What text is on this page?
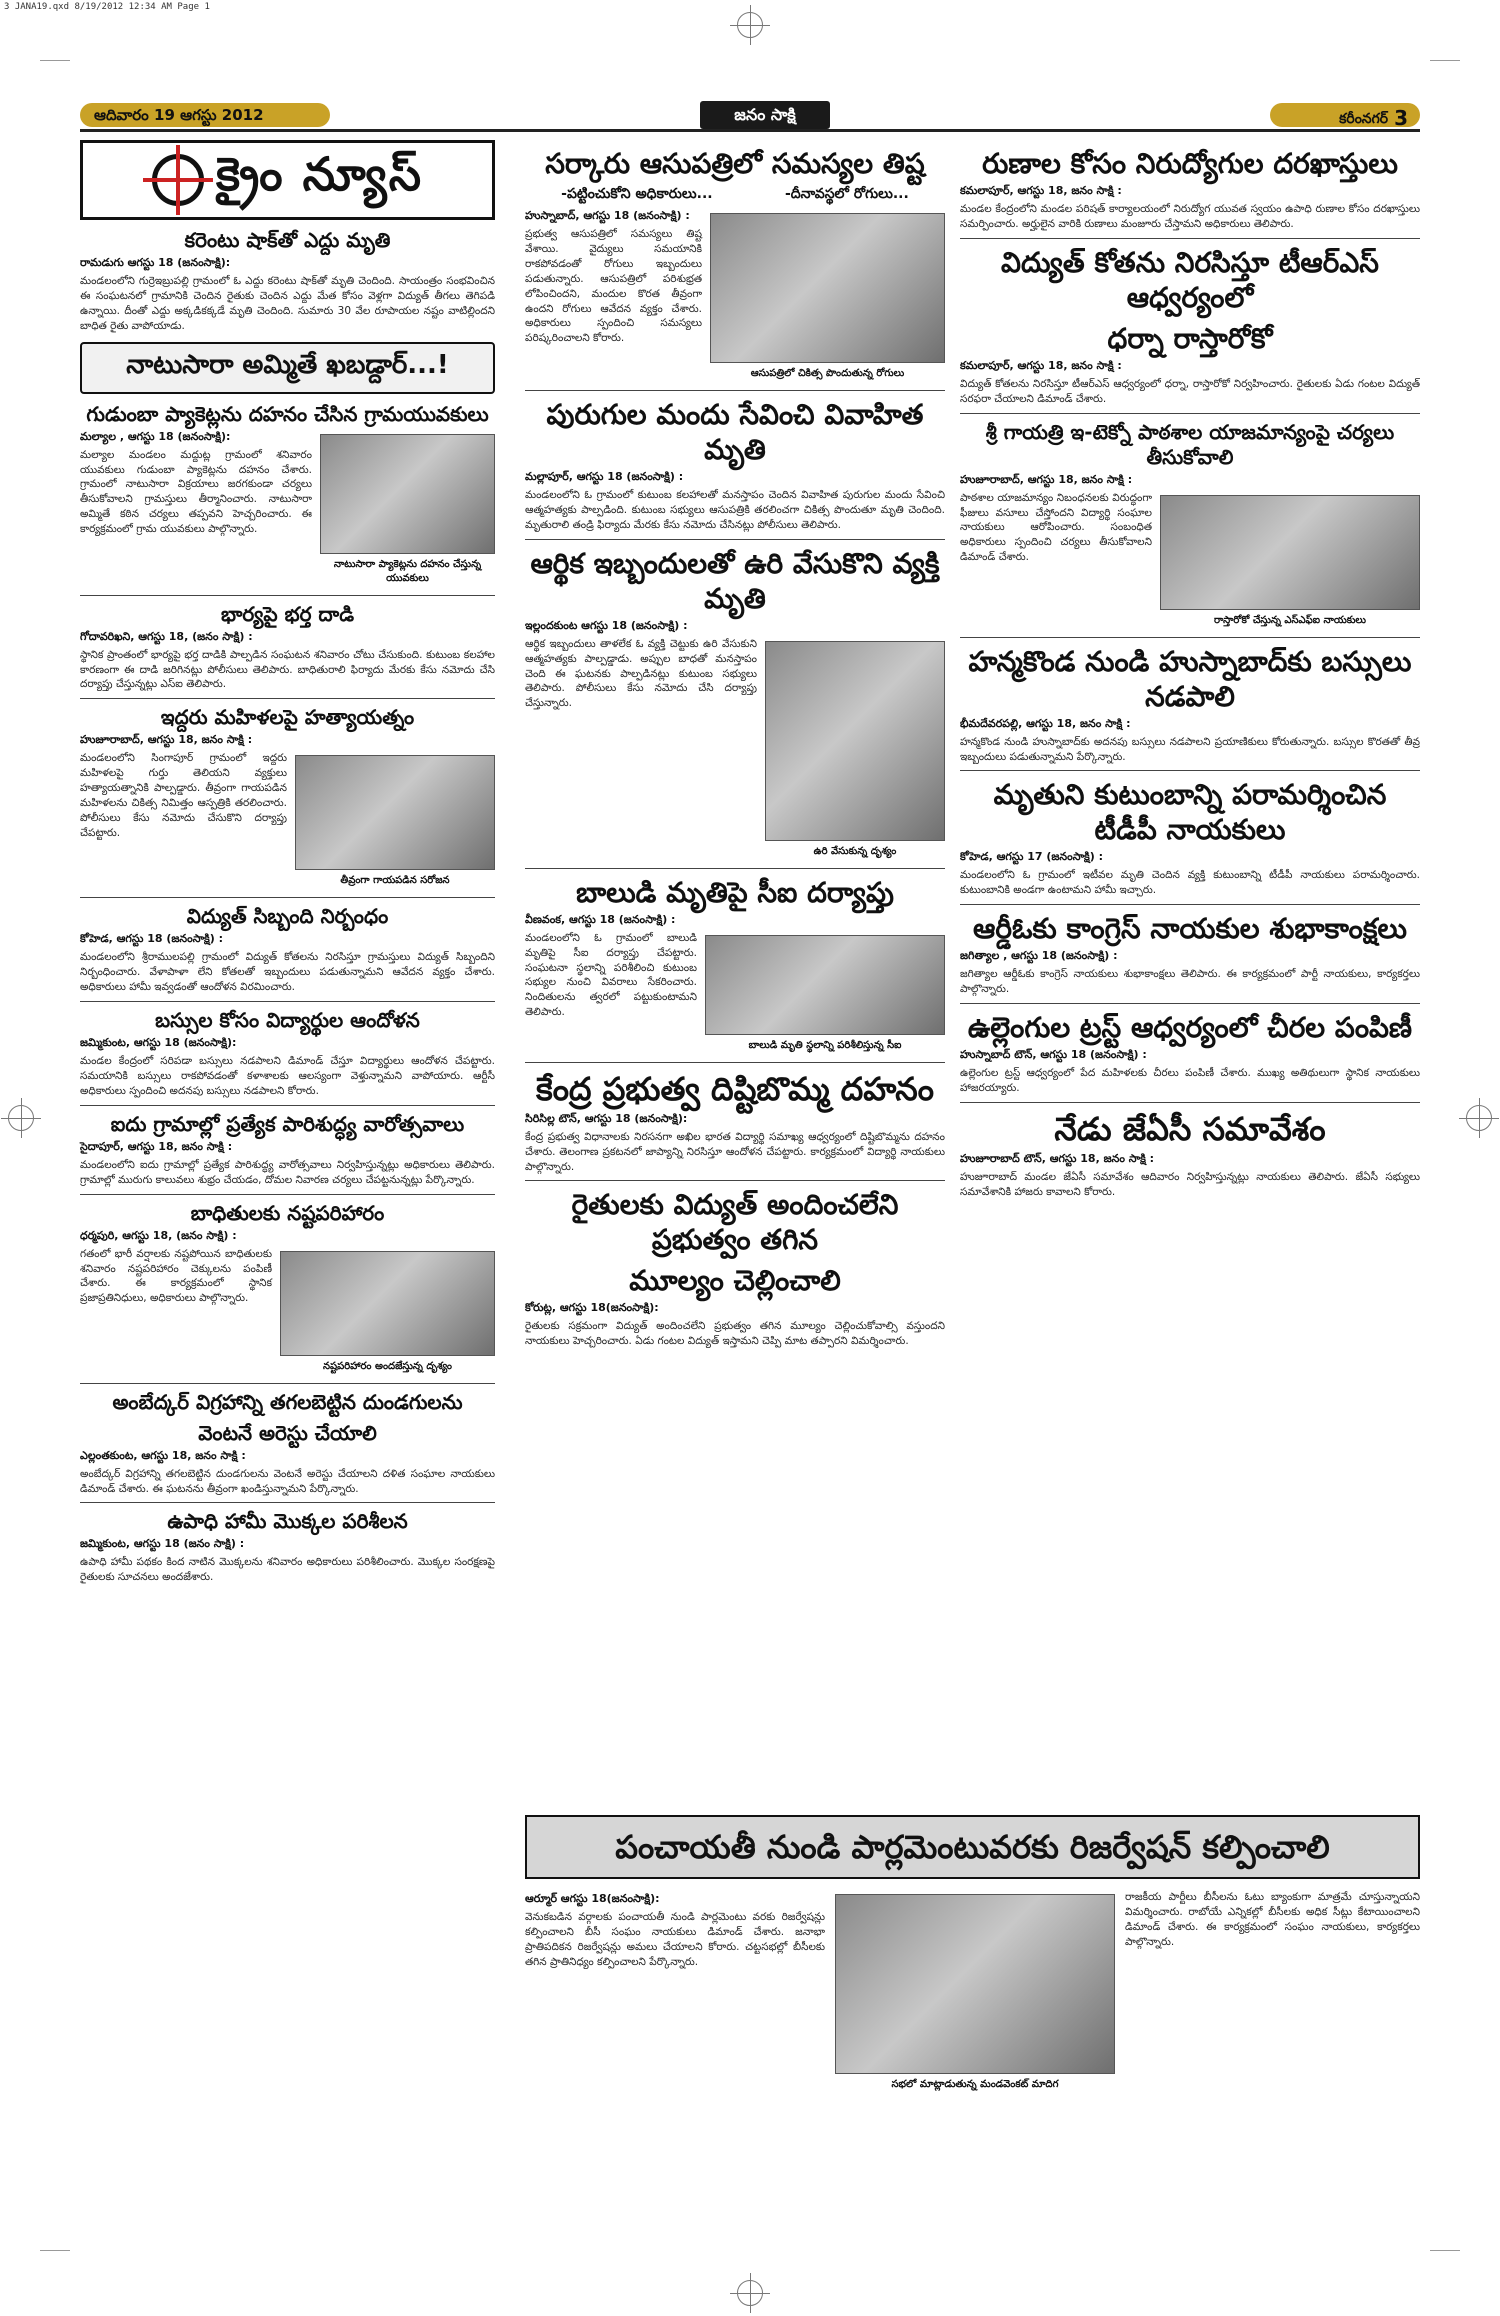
3 JANA19.qxd 8/19/2012 12:34 AM Page 1
ఆదివారం 19 ఆగస్టు 2012	జనం సాక్షి	కరీంనగర్ 3
క్రైం న్యూస్
కరెంటు షాక్‌తో ఎద్దు మృతి
రామడుగు ఆగస్టు 18 (జనంసాక్షి):
మండలంలోని గుర్రెఇబ్రుపల్లి గ్రామంలో ఓ ఎద్దు కరెంటు షాక్‌తో మృతి చెందింది. సాయంత్రం సంభవించిన ఈ సంఘటనలో గ్రామానికి చెందిన రైతుకు చెందిన ఎద్దు మేత కోసం వెళ్లగా విద్యుత్ తీగలు తెగిపడి ఉన్నాయి. దీంతో ఎద్దు అక్కడికక్కడే మృతి చెందింది. సుమారు 30 వేల రూపాయల నష్టం వాటిల్లిందని బాధిత రైతు వాపోయాడు.
నాటుసారా అమ్మితే ఖబడ్దార్...!
గుడుంబా ప్యాకెట్లను దహనం చేసిన గ్రామయువకులు
నాటుసారా ప్యాకెట్లను దహనం చేస్తున్న యువకులు
మల్యాల , ఆగస్టు 18 (జనంసాక్షి):
మల్యాల మండలం మద్దుట్ల గ్రామంలో శనివారం యువకులు గుడుంబా ప్యాకెట్లను దహనం చేశారు. గ్రామంలో నాటుసారా విక్రయాలు జరగకుండా చర్యలు తీసుకోవాలని గ్రామస్తులు తీర్మానించారు. నాటుసారా అమ్మితే కఠిన చర్యలు తప్పవని హెచ్చరించారు. ఈ కార్యక్రమంలో గ్రామ యువకులు పాల్గొన్నారు.
భార్యపై భర్త దాడి
గోదావరిఖని, ఆగస్టు 18, (జనం సాక్షి) :
స్థానిక ప్రాంతంలో భార్యపై భర్త దాడికి పాల్పడిన సంఘటన శనివారం చోటు చేసుకుంది. కుటుంబ కలహాల కారణంగా ఈ దాడి జరిగినట్లు పోలీసులు తెలిపారు. బాధితురాలి ఫిర్యాదు మేరకు కేసు నమోదు చేసి దర్యాప్తు చేస్తున్నట్లు ఎస్ఐ తెలిపారు.
ఇద్దరు మహిళలపై హత్యాయత్నం
హుజూరాబాద్, ఆగస్టు 18, జనం సాక్షి :
తీవ్రంగా గాయపడిన సరోజన
మండలంలోని సింగాపూర్ గ్రామంలో ఇద్దరు మహిళలపై గుర్తు తెలియని వ్యక్తులు హత్యాయత్నానికి పాల్పడ్డారు. తీవ్రంగా గాయపడిన మహిళలను చికిత్స నిమిత్తం ఆస్పత్రికి తరలించారు. పోలీసులు కేసు నమోదు చేసుకొని దర్యాప్తు చేపట్టారు.
విద్యుత్ సిబ్బంది నిర్బంధం
కోహెడ, ఆగస్టు 18 (జనంసాక్షి) :
మండలంలోని శ్రీరాములపల్లి గ్రామంలో విద్యుత్ కోతలను నిరసిస్తూ గ్రామస్తులు విద్యుత్ సిబ్బందిని నిర్బంధించారు. వేళాపాళా లేని కోతలతో ఇబ్బందులు పడుతున్నామని ఆవేదన వ్యక్తం చేశారు. అధికారులు హామీ ఇవ్వడంతో ఆందోళన విరమించారు.
బస్సుల కోసం విద్యార్థుల ఆందోళన
జమ్మికుంట, ఆగస్టు 18 (జనంసాక్షి):
మండల కేంద్రంలో సరిపడా బస్సులు నడపాలని డిమాండ్ చేస్తూ విద్యార్థులు ఆందోళన చేపట్టారు. సమయానికి బస్సులు రాకపోవడంతో కళాశాలకు ఆలస్యంగా వెళ్తున్నామని వాపోయారు. ఆర్టీసీ అధికారులు స్పందించి అదనపు బస్సులు నడపాలని కోరారు.
ఐదు గ్రామాల్లో ప్రత్యేక పారిశుద్ధ్య వారోత్సవాలు
సైదాపూర్, ఆగస్టు 18, జనం సాక్షి :
మండలంలోని ఐదు గ్రామాల్లో ప్రత్యేక పారిశుద్ధ్య వారోత్సవాలు నిర్వహిస్తున్నట్లు అధికారులు తెలిపారు. గ్రామాల్లో మురుగు కాలువలు శుభ్రం చేయడం, దోమల నివారణ చర్యలు చేపట్టనున్నట్లు పేర్కొన్నారు.
బాధితులకు నష్టపరిహారం
ధర్మపురి, ఆగస్టు 18, (జనం సాక్షి) :
నష్టపరిహారం అందజేస్తున్న దృశ్యం
గతంలో భారీ వర్షాలకు నష్టపోయిన బాధితులకు శనివారం నష్టపరిహారం చెక్కులను పంపిణీ చేశారు. ఈ కార్యక్రమంలో స్థానిక ప్రజాప్రతినిధులు, అధికారులు పాల్గొన్నారు.
అంబేద్కర్ విగ్రహాన్ని తగలబెట్టిన దుండగులను
వెంటనే అరెస్టు చేయాలి
ఎల్లంతకుంట, ఆగస్టు 18, జనం సాక్షి :
అంబేద్కర్ విగ్రహాన్ని తగలబెట్టిన దుండగులను వెంటనే అరెస్టు చేయాలని దళిత సంఘాల నాయకులు డిమాండ్ చేశారు. ఈ ఘటనను తీవ్రంగా ఖండిస్తున్నామని పేర్కొన్నారు.
ఉపాధి హామీ మొక్కల పరిశీలన
జమ్మికుంట, ఆగస్టు 18 (జనం సాక్షి) :
ఉపాధి హామీ పథకం కింద నాటిన మొక్కలను శనివారం అధికారులు పరిశీలించారు. మొక్కల సంరక్షణపై రైతులకు సూచనలు అందజేశారు.
సర్కారు ఆసుపత్రిలో సమస్యల తిష్ట
-పట్టించుకోని అధికారులు...	-దీనావస్థలో రోగులు...
ఆసుపత్రిలో చికిత్స పొందుతున్న రోగులు
హుస్నాబాద్, ఆగస్టు 18 (జనంసాక్షి) :
ప్రభుత్వ ఆసుపత్రిలో సమస్యలు తిష్ట వేశాయి. వైద్యులు సమయానికి రాకపోవడంతో రోగులు ఇబ్బందులు పడుతున్నారు. ఆసుపత్రిలో పరిశుభ్రత లోపించిందని, మందుల కొరత తీవ్రంగా ఉందని రోగులు ఆవేదన వ్యక్తం చేశారు. అధికారులు స్పందించి సమస్యలు పరిష్కరించాలని కోరారు.
పురుగుల మందు సేవించి వివాహిత మృతి
మల్లాపూర్, ఆగస్టు 18 (జనంసాక్షి) :
మండలంలోని ఓ గ్రామంలో కుటుంబ కలహాలతో మనస్తాపం చెందిన వివాహిత పురుగుల మందు సేవించి ఆత్మహత్యకు పాల్పడింది. కుటుంబ సభ్యులు ఆసుపత్రికి తరలించగా చికిత్స పొందుతూ మృతి చెందింది. మృతురాలి తండ్రి ఫిర్యాదు మేరకు కేసు నమోదు చేసినట్లు పోలీసులు తెలిపారు.
ఆర్థిక ఇబ్బందులతో ఉరి వేసుకొని వ్యక్తి మృతి
ఇల్లందకుంట ఆగస్టు 18 (జనంసాక్షి) :
ఉరి వేసుకున్న దృశ్యం
ఆర్థిక ఇబ్బందులు తాళలేక ఓ వ్యక్తి చెట్టుకు ఉరి వేసుకుని ఆత్మహత్యకు పాల్పడ్డాడు. అప్పుల బాధతో మనస్తాపం చెంది ఈ ఘటనకు పాల్పడినట్లు కుటుంబ సభ్యులు తెలిపారు. పోలీసులు కేసు నమోదు చేసి దర్యాప్తు చేస్తున్నారు.
బాలుడి మృతిపై సీఐ దర్యాప్తు
వీణవంక, ఆగస్టు 18 (జనంసాక్షి) :
బాలుడి మృతి స్థలాన్ని పరిశీలిస్తున్న సీఐ
మండలంలోని ఓ గ్రామంలో బాలుడి మృతిపై సీఐ దర్యాప్తు చేపట్టారు. సంఘటనా స్థలాన్ని పరిశీలించి కుటుంబ సభ్యుల నుంచి వివరాలు సేకరించారు. నిందితులను త్వరలో పట్టుకుంటామని తెలిపారు.
కేంద్ర ప్రభుత్వ దిష్టిబొమ్మ దహనం
సిరిసిల్ల టౌన్, ఆగస్టు 18 (జనంసాక్షి):
కేంద్ర ప్రభుత్వ విధానాలకు నిరసనగా అఖిల భారత విద్యార్థి సమాఖ్య ఆధ్వర్యంలో దిష్టిబొమ్మను దహనం చేశారు. తెలంగాణ ప్రకటనలో జాప్యాన్ని నిరసిస్తూ ఆందోళన చేపట్టారు. కార్యక్రమంలో విద్యార్థి నాయకులు పాల్గొన్నారు.
రైతులకు విద్యుత్ అందించలేని ప్రభుత్వం తగిన
మూల్యం చెల్లించాలి
కోరుట్ల, ఆగస్టు 18(జనంసాక్షి):
రైతులకు సక్రమంగా విద్యుత్ అందించలేని ప్రభుత్వం తగిన మూల్యం చెల్లించుకోవాల్సి వస్తుందని నాయకులు హెచ్చరించారు. ఏడు గంటల విద్యుత్ ఇస్తామని చెప్పి మాట తప్పారని విమర్శించారు.
రుణాల కోసం నిరుద్యోగుల దరఖాస్తులు
కమలాపూర్, ఆగస్టు 18, జనం సాక్షి :
మండల కేంద్రంలోని మండల పరిషత్ కార్యాలయంలో నిరుద్యోగ యువత స్వయం ఉపాధి రుణాల కోసం దరఖాస్తులు సమర్పించారు. అర్హులైన వారికి రుణాలు మంజూరు చేస్తామని అధికారులు తెలిపారు.
విద్యుత్ కోతను నిరసిస్తూ టీఆర్ఎస్ ఆధ్వర్యంలో
ధర్నా రాస్తారోకో
కమలాపూర్, ఆగస్టు 18, జనం సాక్షి :
విద్యుత్ కోతలను నిరసిస్తూ టీఆర్ఎస్ ఆధ్వర్యంలో ధర్నా, రాస్తారోకో నిర్వహించారు. రైతులకు ఏడు గంటల విద్యుత్ సరఫరా చేయాలని డిమాండ్ చేశారు.
శ్రీ గాయత్రి ఇ-టెక్నో పాఠశాల యాజమాన్యంపై చర్యలు తీసుకోవాలి
హుజూరాబాద్, ఆగస్టు 18, జనం సాక్షి :
రాస్తారోకో చేస్తున్న ఎస్ఎఫ్ఐ నాయకులు
పాఠశాల యాజమాన్యం నిబంధనలకు విరుద్ధంగా ఫీజులు వసూలు చేస్తోందని విద్యార్థి సంఘాల నాయకులు ఆరోపించారు. సంబంధిత అధికారులు స్పందించి చర్యలు తీసుకోవాలని డిమాండ్ చేశారు.
హన్మకొండ నుండి హుస్నాబాద్‌కు బస్సులు నడపాలి
భీమదేవరపల్లి, ఆగస్టు 18, జనం సాక్షి :
హన్మకొండ నుండి హుస్నాబాద్‌కు అదనపు బస్సులు నడపాలని ప్రయాణికులు కోరుతున్నారు. బస్సుల కొరతతో తీవ్ర ఇబ్బందులు పడుతున్నామని పేర్కొన్నారు.
మృతుని కుటుంబాన్ని పరామర్శించిన టీడీపీ నాయకులు
కోహెడ, ఆగస్టు 17 (జనంసాక్షి) :
మండలంలోని ఓ గ్రామంలో ఇటీవల మృతి చెందిన వ్యక్తి కుటుంబాన్ని టీడీపీ నాయకులు పరామర్శించారు. కుటుంబానికి అండగా ఉంటామని హామీ ఇచ్చారు.
ఆర్డీఓకు కాంగ్రెస్ నాయకుల శుభాకాంక్షలు
జగిత్యాల , ఆగస్టు 18 (జనంసాక్షి) :
జగిత్యాల ఆర్డీఓకు కాంగ్రెస్ నాయకులు శుభాకాంక్షలు తెలిపారు. ఈ కార్యక్రమంలో పార్టీ నాయకులు, కార్యకర్తలు పాల్గొన్నారు.
ఉల్లెంగుల ట్రస్ట్ ఆధ్వర్యంలో చీరల పంపిణీ
హుస్నాబాద్ టౌన్, ఆగస్టు 18 (జనంసాక్షి) :
ఉల్లెంగుల ట్రస్ట్ ఆధ్వర్యంలో పేద మహిళలకు చీరలు పంపిణీ చేశారు. ముఖ్య అతిథులుగా స్థానిక నాయకులు హాజరయ్యారు.
నేడు జేఏసీ సమావేశం
హుజూరాబాద్ టౌన్, ఆగస్టు 18, జనం సాక్షి :
హుజూరాబాద్ మండల జేఏసీ సమావేశం ఆదివారం నిర్వహిస్తున్నట్లు నాయకులు తెలిపారు. జేఏసీ సభ్యులు సమావేశానికి హాజరు కావాలని కోరారు.
పంచాయతీ నుండి పార్లమెంటువరకు రిజర్వేషన్ కల్పించాలి
ఆర్మూర్ ఆగస్టు 18(జనంసాక్షి):
వెనుకబడిన వర్గాలకు పంచాయతీ నుండి పార్లమెంటు వరకు రిజర్వేషన్లు కల్పించాలని బీసీ సంఘం నాయకులు డిమాండ్ చేశారు. జనాభా ప్రాతిపదికన రిజర్వేషన్లు అమలు చేయాలని కోరారు. చట్టసభల్లో బీసీలకు తగిన ప్రాతినిధ్యం కల్పించాలని పేర్కొన్నారు.
సభలో మాట్లాడుతున్న మండవెంకట్ మాదిగ
రాజకీయ పార్టీలు బీసీలను ఓటు బ్యాంకుగా మాత్రమే చూస్తున్నాయని విమర్శించారు. రాబోయే ఎన్నికల్లో బీసీలకు అధిక సీట్లు కేటాయించాలని డిమాండ్ చేశారు. ఈ కార్యక్రమంలో సంఘం నాయకులు, కార్యకర్తలు పాల్గొన్నారు.
